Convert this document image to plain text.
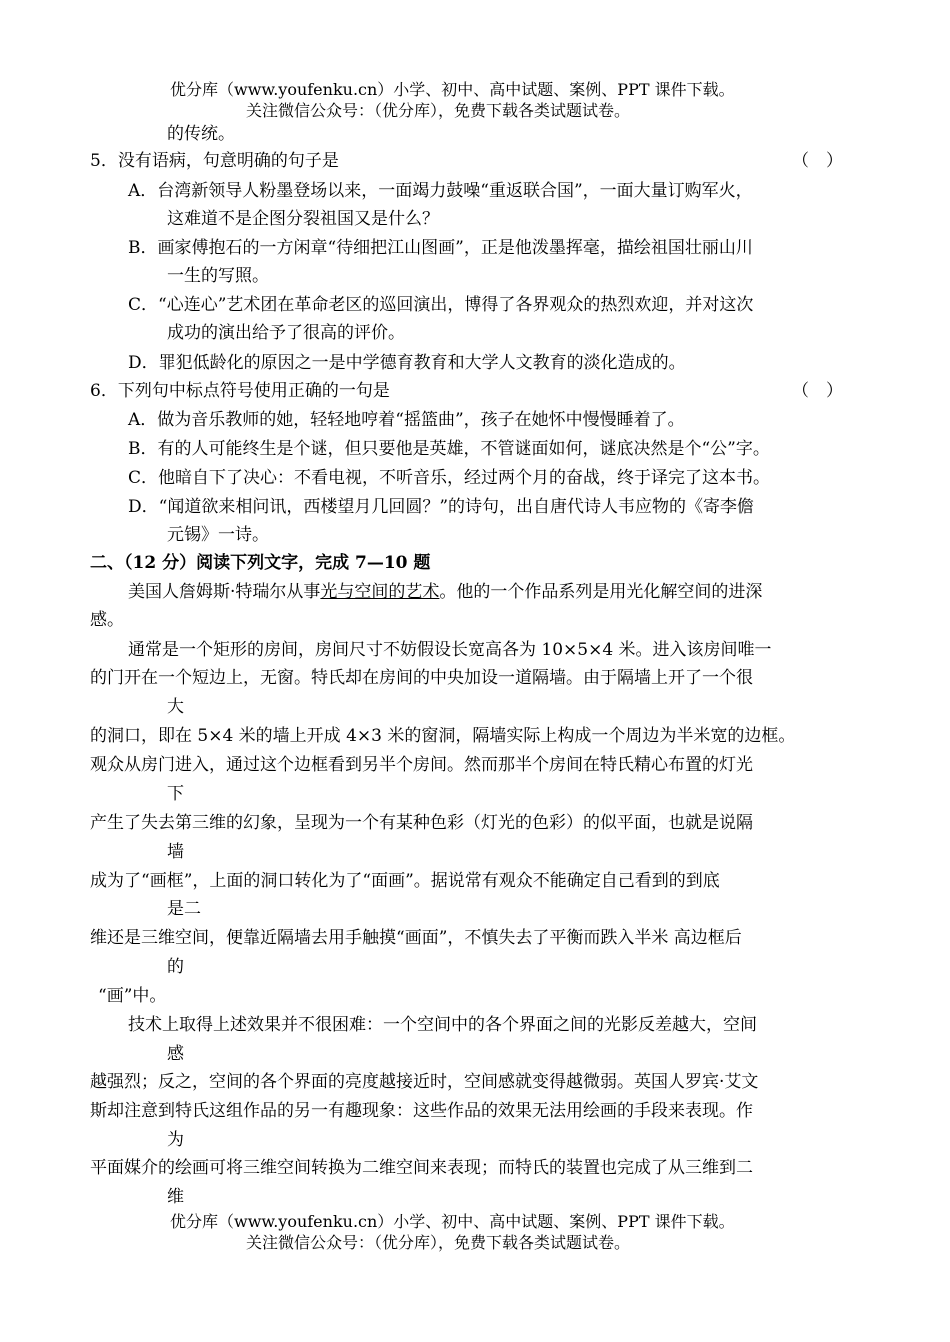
优分库（www.youfenku.cn）小学、初中、高中试题、案例、PPT 课件下载。
关注微信公众号：（优分库），免费下载各类试题试卷。
的传统。
5．没有语病，句意明确的句子是	（　）
A．台湾新领导人粉墨登场以来，一面竭力鼓噪“重返联合国”，一面大量订购军火，
这难道不是企图分裂祖国又是什么？
B．画家傅抱石的一方闲章“待细把江山图画”，正是他泼墨挥毫，描绘祖国壮丽山川
一生的写照。
C．“心连心”艺术团在革命老区的巡回演出，博得了各界观众的热烈欢迎，并对这次
成功的演出给予了很高的评价。
D．罪犯低龄化的原因之一是中学德育教育和大学人文教育的淡化造成的。
6．下列句中标点符号使用正确的一句是	（　）
A．做为音乐教师的她，轻轻地哼着“摇篮曲”，孩子在她怀中慢慢睡着了。
B．有的人可能终生是个谜，但只要他是英雄，不管谜面如何，谜底决然是个“公”字。
C．他暗自下了决心：不看电视，不听音乐，经过两个月的奋战，终于译完了这本书。
D．“闻道欲来相问讯，西楼望月几回圆？”的诗句，出自唐代诗人韦应物的《寄李儋
元锡》一诗。
二、（12 分）阅读下列文字，完成 7—10 题
美国人詹姆斯·特瑞尔从事光与空间的艺术。他的一个作品系列是用光化解空间的进深
感。
通常是一个矩形的房间，房间尺寸不妨假设长宽高各为 10×5×4 米。进入该房间唯一
的门开在一个短边上，无窗。特氏却在房间的中央加设一道隔墙。由于隔墙上开了一个很
大
的洞口，即在 5×4 米的墙上开成 4×3 米的窗洞，隔墙实际上构成一个周边为半米宽的边框。
观众从房门进入，通过这个边框看到另半个房间。然而那半个房间在特氏精心布置的灯光
下
产生了失去第三维的幻象，呈现为一个有某种色彩（灯光的色彩）的似平面，也就是说隔
墙
成为了“画框”，上面的洞口转化为了“面画”。据说常有观众不能确定自己看到的到底
是二
维还是三维空间，便靠近隔墙去用手触摸“画面”，不慎失去了平衡而跌入半米 高边框后
的
“画”中。
技术上取得上述效果并不很困难：一个空间中的各个界面之间的光影反差越大，空间
感
越强烈；反之，空间的各个界面的亮度越接近时，空间感就变得越微弱。英国人罗宾·艾文
斯却注意到特氏这组作品的另一有趣现象：这些作品的效果无法用绘画的手段来表现。作
为
平面媒介的绘画可将三维空间转换为二维空间来表现；而特氏的装置也完成了从三维到二
维
优分库（www.youfenku.cn）小学、初中、高中试题、案例、PPT 课件下载。
关注微信公众号：（优分库），免费下载各类试题试卷。
